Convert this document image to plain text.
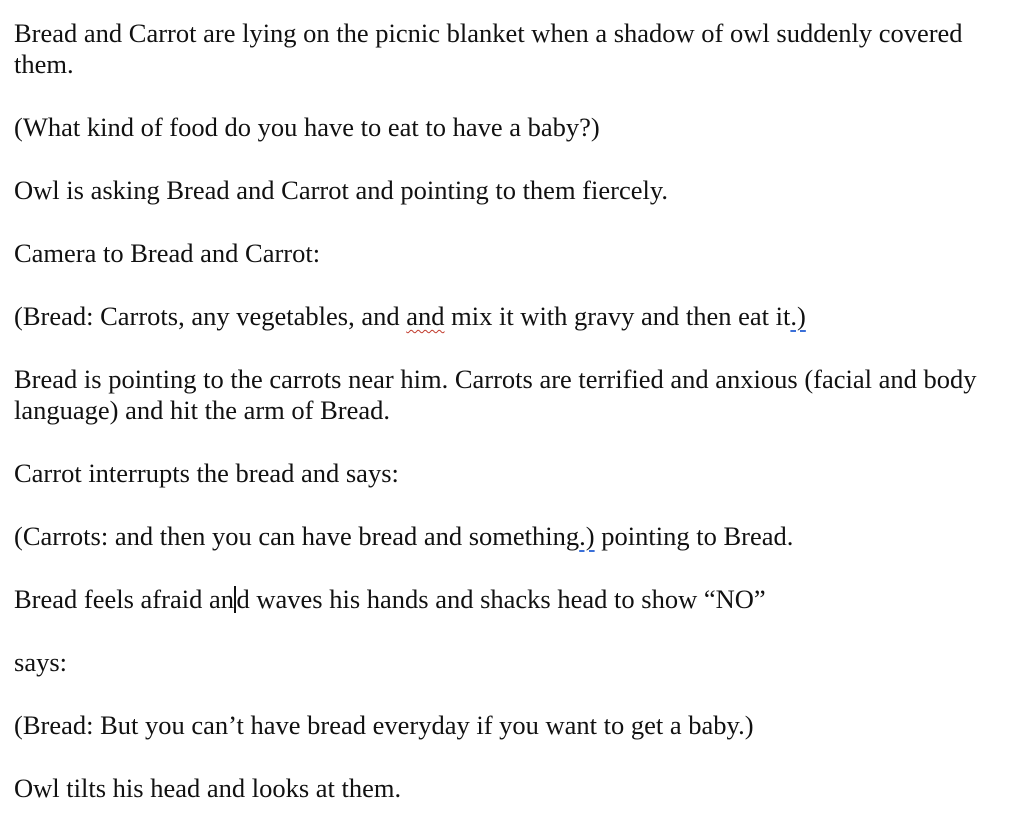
Bread and Carrot are lying on the picnic blanket when a shadow of owl suddenly covered them.

(What kind of food do you have to eat to have a baby?)

Owl is asking Bread and Carrot and pointing to them fiercely.

Camera to Bread and Carrot:

(Bread: Carrots, any vegetables, and and mix it with gravy and then eat it.)

Bread is pointing to the carrots near him. Carrots are terrified and anxious (facial and body language) and hit the arm of Bread.

Carrot interrupts the bread and says:

(Carrots: and then you can have bread and something.) pointing to Bread.

Bread feels afraid and waves his hands and shacks head to show “NO”

says:

(Bread: But you can’t have bread everyday if you want to get a baby.)

Owl tilts his head and looks at them.
